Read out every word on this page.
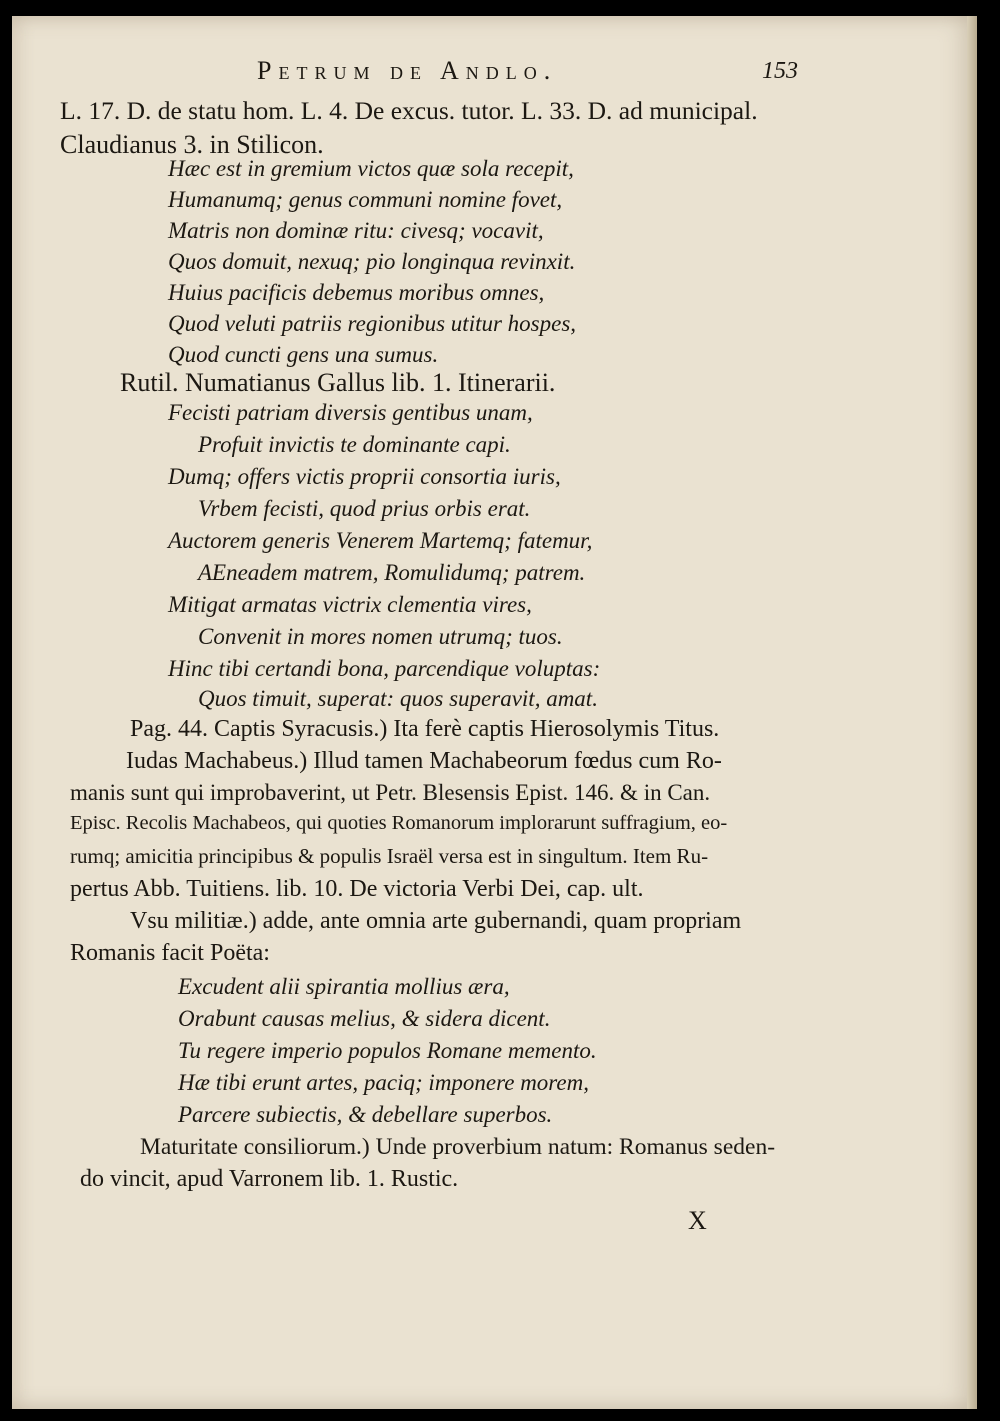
Petrum de Andlo.	153
L. 17. D. de statu hom. L. 4. De excus. tutor. L. 33. D. ad municipal.
Claudianus 3. in Stilicon.
Hæc est in gremium victos quæ sola recepit,
Humanumq; genus communi nomine fovet,
Matris non dominæ ritu: civesq; vocavit,
Quos domuit, nexuq; pio longinqua revinxit.
Huius pacificis debemus moribus omnes,
Quod veluti patriis regionibus utitur hospes,
Quod cuncti gens una sumus.
Rutil. Numatianus Gallus lib. 1. Itinerarii.
Fecisti patriam diversis gentibus unam,
Profuit invictis te dominante capi.
Dumq; offers victis proprii consortia iuris,
Vrbem fecisti, quod prius orbis erat.
Auctorem generis Venerem Martemq; fatemur,
AEneadem matrem, Romulidumq; patrem.
Mitigat armatas victrix clementia vires,
Convenit in mores nomen utrumq; tuos.
Hinc tibi certandi bona, parcendique voluptas:
Quos timuit, superat: quos superavit, amat.
Pag. 44. Captis Syracusis.) Ita ferè captis Hierosolymis Titus.
Iudas Machabeus.) Illud tamen Machabeorum fœdus cum Ro-
manis sunt qui improbaverint, ut Petr. Blesensis Epist. 146. & in Can.
Episc. Recolis Machabeos, qui quoties Romanorum implorarunt suffragium, eo-
rumq; amicitia principibus & populis Israël versa est in singultum. Item Ru-
pertus Abb. Tuitiens. lib. 10. De victoria Verbi Dei, cap. ult.
Vsu militiæ.) adde, ante omnia arte gubernandi, quam propriam
Romanis facit Poëta:
Excudent alii spirantia mollius æra,
Orabunt causas melius, & sidera dicent.
Tu regere imperio populos Romane memento.
Hæ tibi erunt artes, paciq; imponere morem,
Parcere subiectis, & debellare superbos.
Maturitate consiliorum.) Unde proverbium natum: Romanus seden-
do vincit, apud Varronem lib. 1. Rustic.
X
